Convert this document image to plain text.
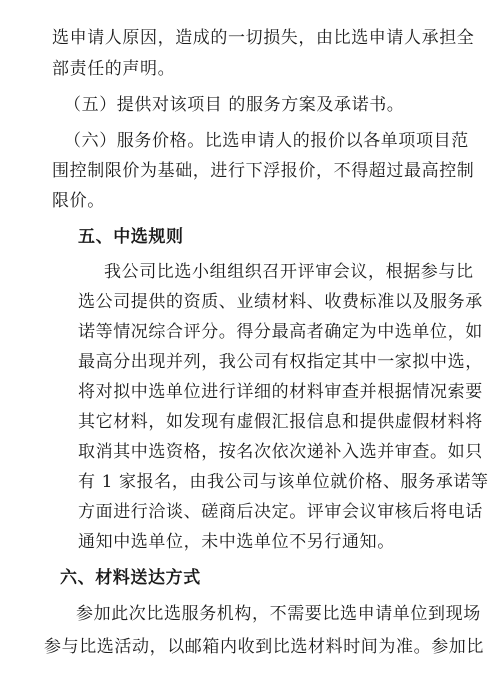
选申请人原因，造成的一切损失，由比选申请人承担全
部责任的声明。
（五）提供对该项目 的服务方案及承诺书。
（六）服务价格。比选申请人的报价以各单项项目范
围控制限价为基础，进行下浮报价，不得超过最高控制
限价。
五、中选规则
我公司比选小组组织召开评审会议，根据参与比
选公司提供的资质、业绩材料、收费标准以及服务承
诺等情况综合评分。得分最高者确定为中选单位，如
最高分出现并列，我公司有权指定其中一家拟中选，
将对拟中选单位进行详细的材料审查并根据情况索要
其它材料，如发现有虚假汇报信息和提供虚假材料将
取消其中选资格，按名次依次递补入选并审查。如只
有 1 家报名，由我公司与该单位就价格、服务承诺等
方面进行洽谈、磋商后决定。评审会议审核后将电话
通知中选单位，未中选单位不另行通知。
六、材料送达方式
参加此次比选服务机构，不需要比选申请单位到现场
参与比选活动，以邮箱内收到比选材料时间为准。参加比
